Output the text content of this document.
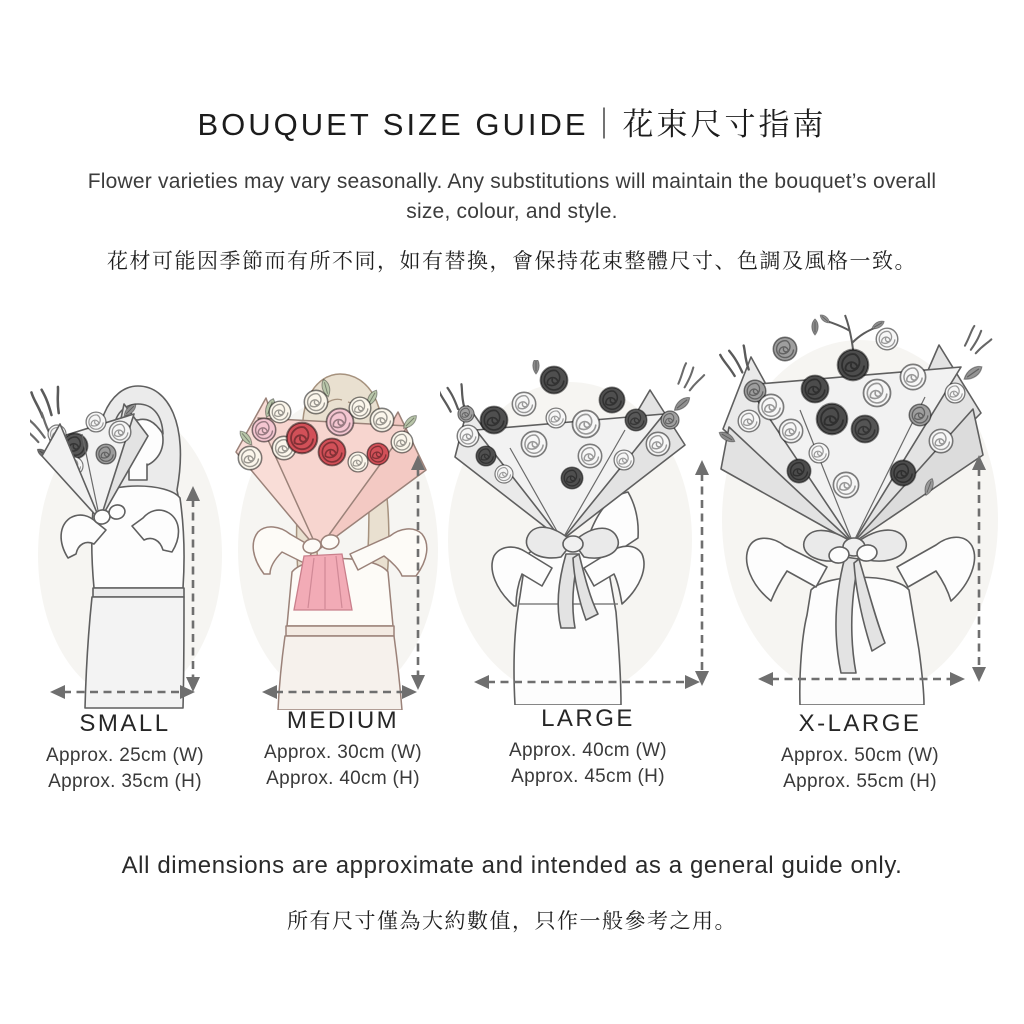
BOUQUET SIZE GUIDE｜花束尺寸指南
Flower varieties may vary seasonally. Any substitutions will maintain the bouquet’s overall
size, colour, and style.
花材可能因季節而有所不同，如有替換，會保持花束整體尺寸、色調及風格一致。
SMALL
Approx. 25cm (W)
Approx. 35cm (H)
MEDIUM
Approx. 30cm (W)
Approx. 40cm (H)
LARGE
Approx. 40cm (W)
Approx. 45cm (H)
X-LARGE
Approx. 50cm (W)
Approx. 55cm (H)
All dimensions are approximate and intended as a general guide only.
所有尺寸僅為大約數值，只作一般參考之用。
